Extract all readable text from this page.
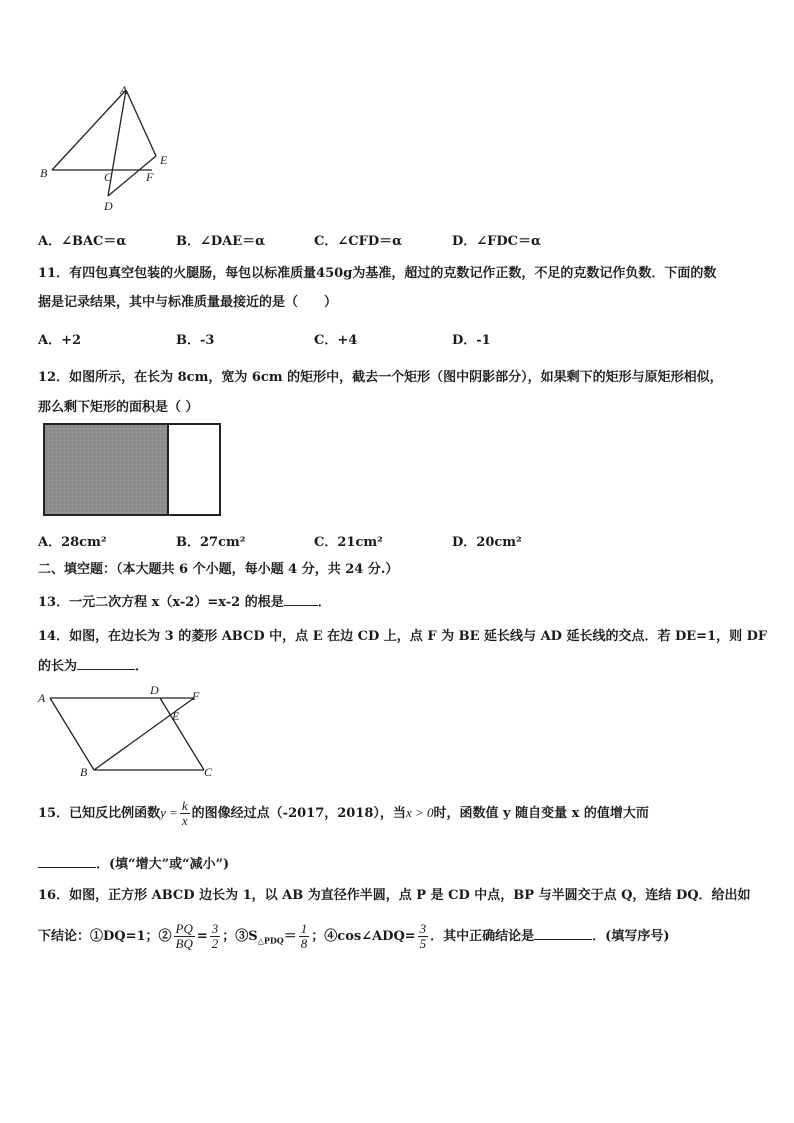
A
B	C
D
E
F
A．∠BAC＝α	B．∠DAE＝α	C．∠CFD＝α	D．∠FDC＝α
11．有四包真空包装的火腿肠，每包以标准质量450g为基准，超过的克数记作正数，不足的克数记作负数．下面的数
据是记录结果，其中与标准质量最接近的是（　　）
A．+2	B．-3	C．+4	D．-1
12．如图所示，在长为 8cm，宽为 6cm 的矩形中，截去一个矩形（图中阴影部分），如果剩下的矩形与原矩形相似，
那么剩下矩形的面积是（ ）
A．28cm²	B．27cm²	C．21cm²	D．20cm²
二、填空题：（本大题共 6 个小题，每小题 4 分，共 24 分.）
13．一元二次方程 x（x-2）=x-2 的根是	．
14．如图，在边长为 3 的菱形 ABCD 中，点 E 在边 CD 上，点 F 为 BE 延长线与 AD 延长线的交点．若 DE=1，则 DF
的长为	．
A
D	F
E
B	C
15．已知反比例函数$y = \frac{k}{x}$ 的图像经过点（-2017，2018），当x > 0时，函数值 y 随自变量 x 的值增大而
．(填“增大”或“减小”)
16．如图，正方形 ABCD 边长为 1，以 AB 为直径作半圆，点 P 是 CD 中点，BP 与半圆交于点 Q，连结 DQ．给出如
下结论：①DQ=1；② $\frac{PQ}{BQ} = \frac{3}{2}$ ；$③S_{\triangle PDQ}= \frac{1}{8}$ ；④cos∠ADQ= $\frac{3}{5}$ ．其中正确结论是	．(填写序号)
